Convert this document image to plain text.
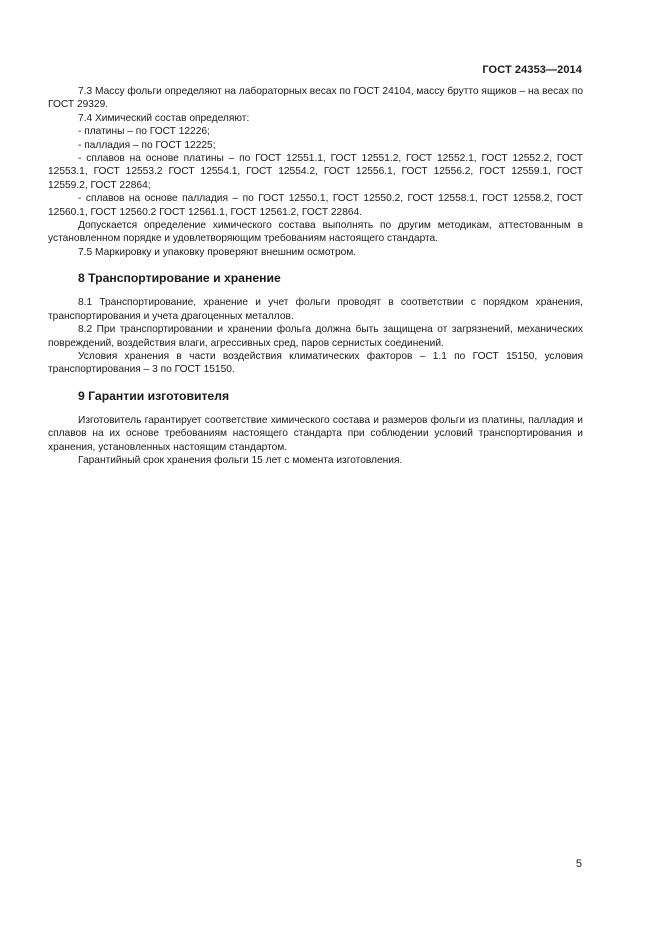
ГОСТ 24353—2014

7.3 Массу фольги определяют на лабораторных весах по ГОСТ 24104, массу брутто ящиков – на весах по ГОСТ 29329.

7.4 Химический состав определяют:

- платины – по ГОСТ 12226;

- палладия – по ГОСТ 12225;

- сплавов на основе платины – по ГОСТ 12551.1, ГОСТ 12551.2, ГОСТ 12552.1, ГОСТ 12552.2, ГОСТ 12553.1, ГОСТ 12553.2 ГОСТ 12554.1, ГОСТ 12554.2, ГОСТ 12556.1, ГОСТ 12556.2, ГОСТ 12559.1, ГОСТ 12559.2, ГОСТ 22864;

- сплавов на основе палладия – по ГОСТ 12550.1, ГОСТ 12550.2, ГОСТ 12558.1, ГОСТ 12558.2, ГОСТ 12560.1, ГОСТ 12560.2 ГОСТ 12561.1, ГОСТ 12561.2, ГОСТ 22864.

Допускается определение химического состава выполнять по другим методикам, аттестованным в установленном порядке и удовлетворяющим требованиям настоящего стандарта.

7.5 Маркировку и упаковку проверяют внешним осмотром.

8 Транспортирование и хранение

8.1 Транспортирование, хранение и учет фольги проводят в соответствии с порядком хранения, транспортирования и учета драгоценных металлов.

8.2 При транспортировании и хранении фольга должна быть защищена от загрязнений, механических повреждений, воздействия влаги, агрессивных сред, паров сернистых соединений.

Условия хранения в части воздействия климатических факторов – 1.1 по ГОСТ 15150, условия транспортирования – 3 по ГОСТ 15150.

9 Гарантии изготовителя

Изготовитель гарантирует соответствие химического состава и размеров фольги из платины, палладия и сплавов на их основе требованиям настоящего стандарта при соблюдении условий транспортирования и хранения, установленных настоящим стандартом.

Гарантийный срок хранения фольги 15 лет с момента изготовления.

5
